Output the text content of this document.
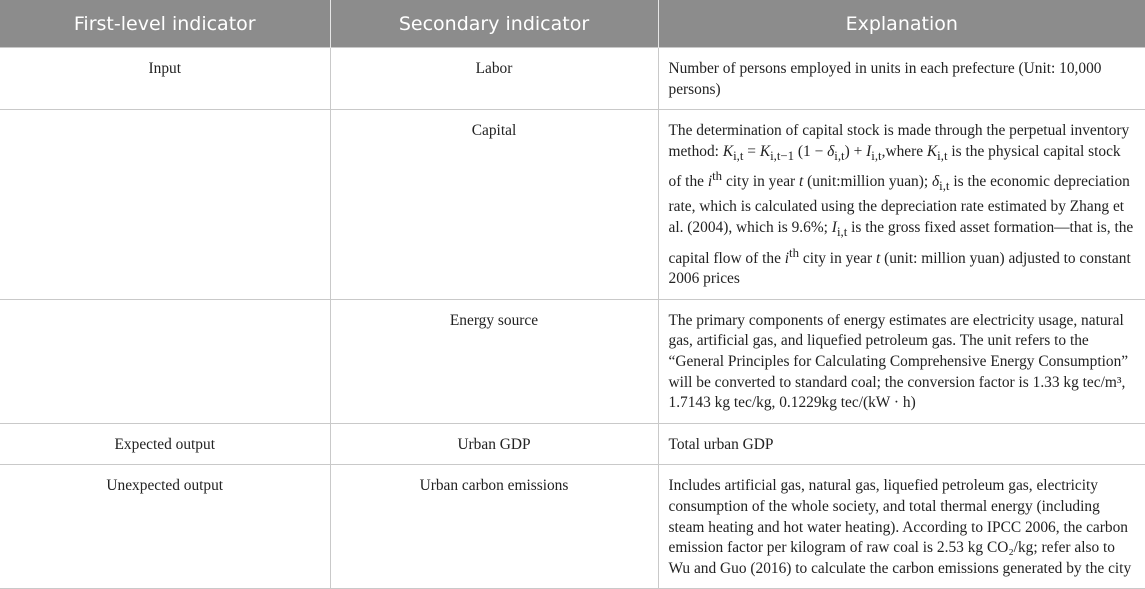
First-level indicator	Secondary indicator	Explanation
Input	Labor	Number of persons employed in units in each prefecture (Unit: 10,000 persons)
	Capital	The determination of capital stock is made through the perpetual inventory method: $K_{i,t} = K_{i,t-1}$ $(1 - \delta_{i,t})$ + $I_{i,t},where$ $K_{i,t}$ is the physical capital stock of the $i^{th}$ city in year t (unit:million yuan); $\delta_{i,t}$ is the economic depreciation rate, which is calculated using the depreciation rate estimated by Zhang et al. (2004), which is 9.6%; $I_{i,t}$ is the gross fixed asset formation—that is, the capital flow of the $i^{th}$ city in year t (unit: million yuan) adjusted to constant 2006 prices
	Energy source	The primary components of energy estimates are electricity usage, natural gas, artificial gas, and liquefied petroleum gas. The unit refers to the “General Principles for Calculating Comprehensive Energy Consumption” will be converted to standard coal; the conversion factor is 1.33 kg tec/m³, 1.7143 kg tec/kg, 0.1229kg tec/(kW · h)
Expected output	Urban GDP	Total urban GDP
Unexpected output	Urban carbon emissions	Includes artificial gas, natural gas, liquefied petroleum gas, electricity consumption of the whole society, and total thermal energy (including steam heating and hot water heating). According to IPCC 2006, the carbon emission factor per kilogram of raw coal is 2.53 kg CO₂/kg; refer also to Wu and Guo (2016) to calculate the carbon emissions generated by the city
